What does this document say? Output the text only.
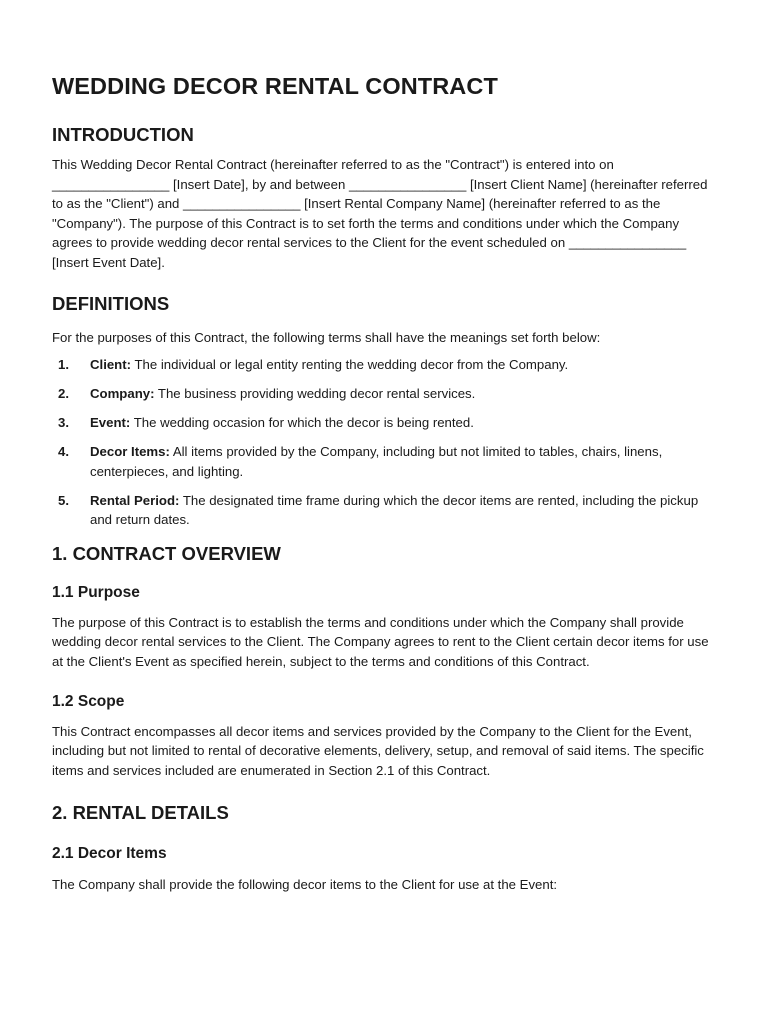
WEDDING DECOR RENTAL CONTRACT
INTRODUCTION

This Wedding Decor Rental Contract (hereinafter referred to as the "Contract") is entered into on ________________ [Insert Date], by and between ________________ [Insert Client Name] (hereinafter referred to as the "Client") and ________________ [Insert Rental Company Name] (hereinafter referred to as the "Company"). The purpose of this Contract is to set forth the terms and conditions under which the Company agrees to provide wedding decor rental services to the Client for the event scheduled on ________________ [Insert Event Date].

DEFINITIONS

For the purposes of this Contract, the following terms shall have the meanings set forth below:

1. Client: The individual or legal entity renting the wedding decor from the Company.
2. Company: The business providing wedding decor rental services.
3. Event: The wedding occasion for which the decor is being rented.
4. Decor Items: All items provided by the Company, including but not limited to tables, chairs, linens, centerpieces, and lighting.
5. Rental Period: The designated time frame during which the decor items are rented, including the pickup and return dates.
1. CONTRACT OVERVIEW
1.1 Purpose

The purpose of this Contract is to establish the terms and conditions under which the Company shall provide wedding decor rental services to the Client. The Company agrees to rent to the Client certain decor items for use at the Client's Event as specified herein, subject to the terms and conditions of this Contract.

1.2 Scope

This Contract encompasses all decor items and services provided by the Company to the Client for the Event, including but not limited to rental of decorative elements, delivery, setup, and removal of said items. The specific items and services included are enumerated in Section 2.1 of this Contract.

2. RENTAL DETAILS
2.1 Decor Items

The Company shall provide the following decor items to the Client for use at the Event:
